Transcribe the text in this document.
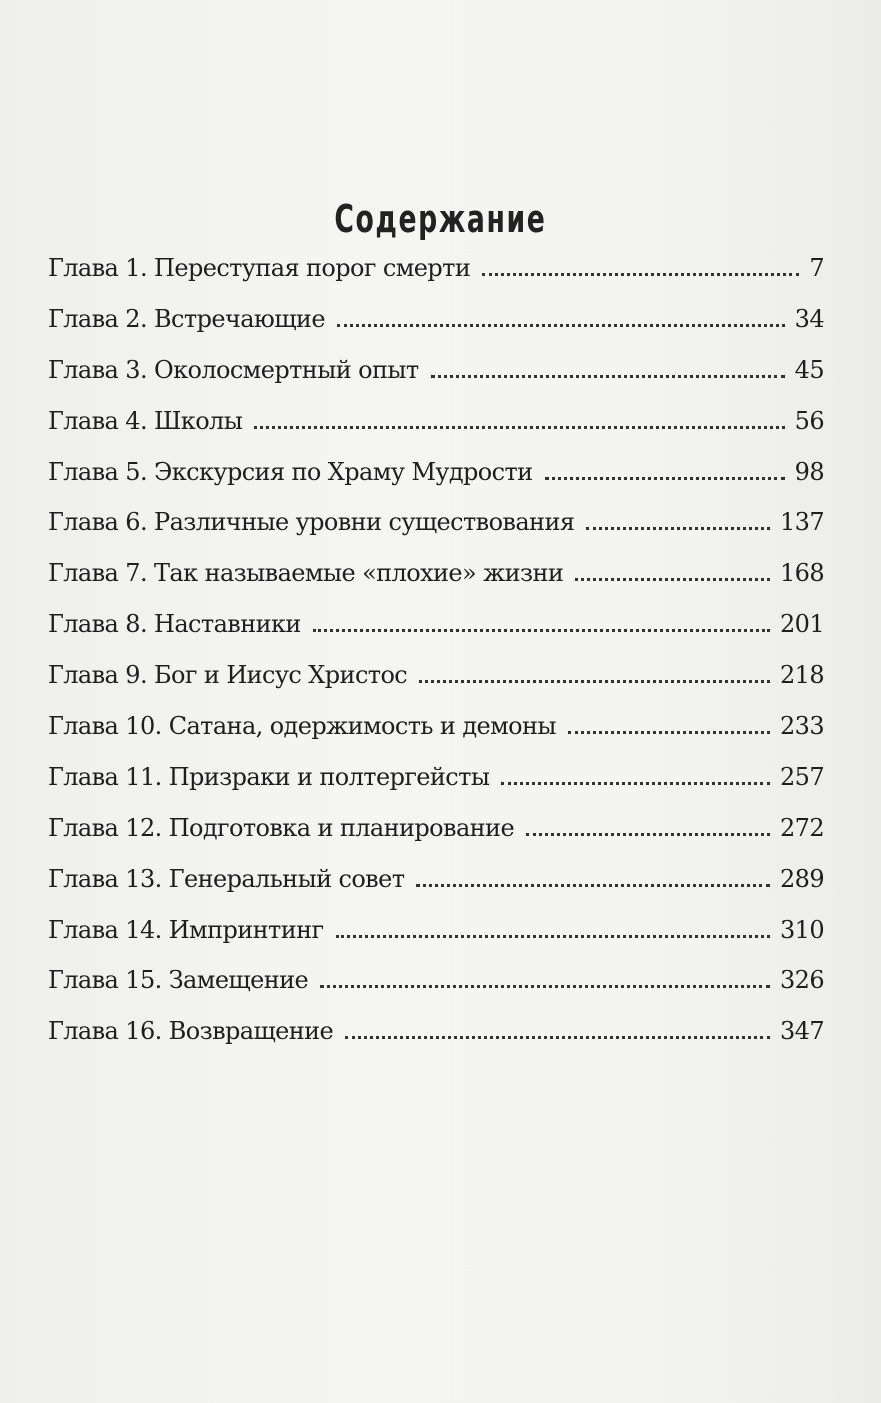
Содержание
Глава 1. Переступая порог смерти	7
Глава 2. Встречающие	34
Глава 3. Околосмертный опыт	45
Глава 4. Школы	56
Глава 5. Экскурсия по Храму Мудрости	98
Глава 6. Различные уровни существования	137
Глава 7. Так называемые «плохие» жизни	168
Глава 8. Наставники	201
Глава 9. Бог и Иисус Христос	218
Глава 10. Сатана, одержимость и демоны	233
Глава 11. Призраки и полтергейсты	257
Глава 12. Подготовка и планирование	272
Глава 13. Генеральный совет	289
Глава 14. Импринтинг	310
Глава 15. Замещение	326
Глава 16. Возвращение	347
